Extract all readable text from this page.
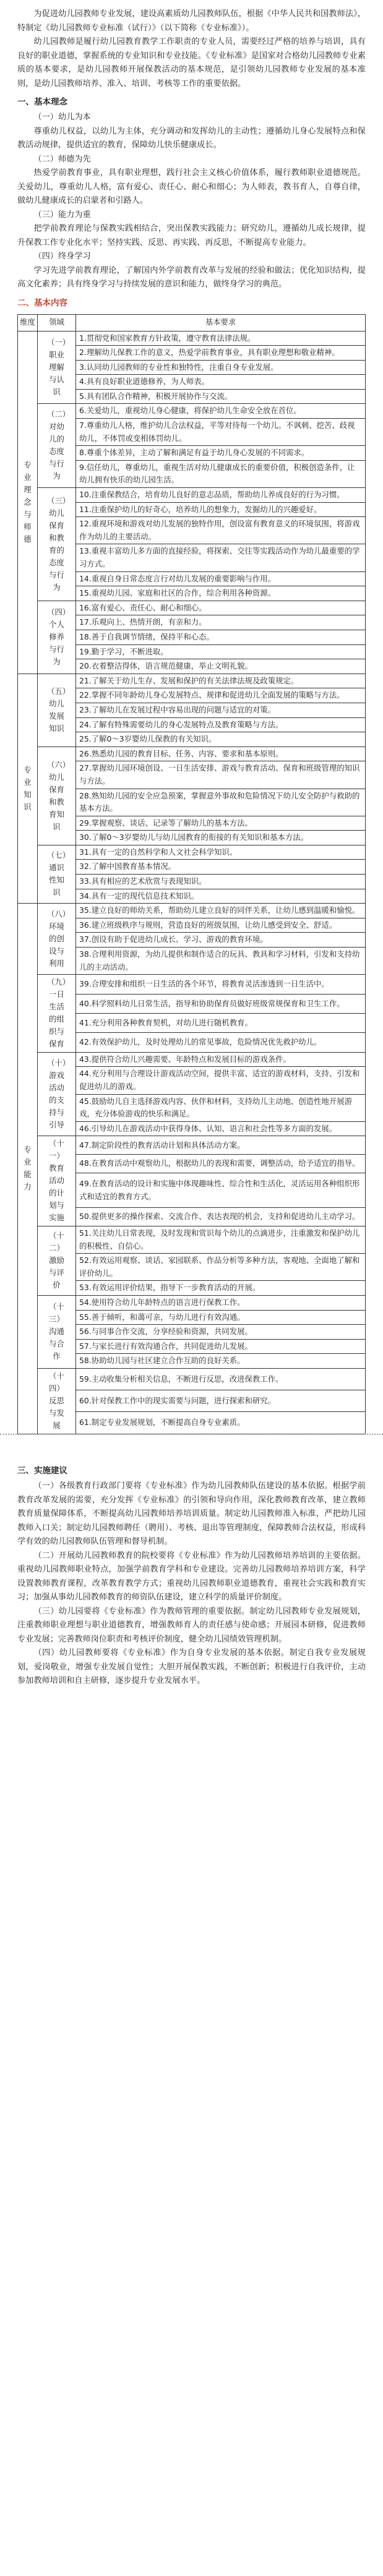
为促进幼儿园教师专业发展，建设高素质幼儿园教师队伍，根据《中华人民共和国教师法》，特制定《幼儿园教师专业标准（试行）》（以下简称《专业标准》）。

幼儿园教师是履行幼儿园教育教学工作职责的专业人员，需要经过严格的培养与培训，具有良好的职业道德，掌握系统的专业知识和专业技能。《专业标准》是国家对合格幼儿园教师专业素质的基本要求，是幼儿园教师开展保教活动的基本规范，是引领幼儿园教师专业发展的基本准则，是幼儿园教师培养、准入、培训、考核等工作的重要依据。

一、基本理念
（一）幼儿为本

尊重幼儿权益，以幼儿为主体，充分调动和发挥幼儿的主动性；遵循幼儿身心发展特点和保教活动规律，提供适宜的教育，保障幼儿快乐健康成长。

（二）师德为先

热爱学前教育事业，具有职业理想，践行社会主义核心价值体系，履行教师职业道德规范。关爱幼儿，尊重幼儿人格，富有爱心、责任心、耐心和细心；为人师表，教书育人，自尊自律，做幼儿健康成长的启蒙者和引路人。

（三）能力为重

把学前教育理论与保教实践相结合，突出保教实践能力；研究幼儿，遵循幼儿成长规律，提升保教工作专业化水平；坚持实践、反思、再实践、再反思，不断提高专业能力。

（四）终身学习

学习先进学前教育理论，了解国内外学前教育改革与发展的经验和做法；优化知识结构，提高文化素养；具有终身学习与持续发展的意识和能力，做终身学习的典范。

二、基本内容
维度	领域	基本要求
专业理念与师德	（一）职业理解与认识	1.贯彻党和国家教育方针政策，遵守教育法律法规。
		2.理解幼儿保教工作的意义，热爱学前教育事业，具有职业理想和敬业精神。
		3.认同幼儿园教师的专业性和独特性，注重自身专业发展。
		4.具有良好职业道德修养，为人师表。
		5.具有团队合作精神，积极开展协作与交流。
	（二）对幼儿的态度与行为	6.关爱幼儿，重视幼儿身心健康，将保护幼儿生命安全放在首位。
		7.尊重幼儿人格，维护幼儿合法权益，平等对待每一个幼儿。不讽刺、挖苦、歧视幼儿，不体罚或变相体罚幼儿。
		8.尊重个体差异，主动了解和满足有益于幼儿身心发展的不同需求。
		9.信任幼儿，尊重幼儿，重视生活对幼儿健康成长的重要价值，积极创造条件，让幼儿拥有快乐的幼儿园生活。
	（三）幼儿保育和教育的态度与行为	10.注重保教结合，培育幼儿良好的意志品质，帮助幼儿养成良好的行为习惯。
		11.注重保护幼儿的好奇心，培养幼儿的想象力，发掘幼儿的兴趣爱好。
		12.重视环境和游戏对幼儿发展的独特作用，创设富有教育意义的环境氛围，将游戏作为幼儿的主要活动。
		13.重视丰富幼儿多方面的直接经验，将探索、交往等实践活动作为幼儿最重要的学习方式。
		14.重视自身日常态度言行对幼儿发展的重要影响与作用。
		15.重视幼儿园、家庭和社区的合作，综合利用各种资源。
	（四）个人修养与行为	16.富有爱心、责任心、耐心和细心。
		17.乐观向上、热情开朗，有亲和力。
		18.善于自我调节情绪，保持平和心态。
		19.勤于学习，不断进取。
		20.衣着整洁得体，语言规范健康，举止文明礼貌。
专业知识	（五）幼儿发展知识	21.了解关于幼儿生存、发展和保护的有关法律法规及政策规定。
		22.掌握不同年龄幼儿身心发展特点、规律和促进幼儿全面发展的策略与方法。
		23.了解幼儿在发展过程中容易出现的问题与适宜的对策。
		24.了解有特殊需要幼儿的身心发展特点及教育策略与方法。
		25.了解0～3岁婴幼儿保教的有关知识。
	（六）幼儿保育和教育知识	26.熟悉幼儿园的教育目标、任务、内容、要求和基本原则。
		27.掌握幼儿园环境创设、一日生活安排、游戏与教育活动、保育和班级管理的知识与方法。
		28.熟知幼儿园的安全应急预案，掌握意外事故和危险情况下幼儿安全防护与救助的基本方法。
		29.掌握观察、谈话、记录等了解幼儿的基本方法。
		30.了解0～3岁婴幼儿与幼儿园教育的衔接的有关知识和基本方法。
	（七）通识性知识	31.具有一定的自然科学和人文社会科学知识。
		32.了解中国教育基本情况。
		33.具有相应的艺术欣赏与表现知识。
		34.具有一定的现代信息技术知识。
专业能力	（八）环境的创设与利用	35.建立良好的师幼关系，帮助幼儿建立良好的同伴关系，让幼儿感到温暖和愉悦。
		36.建立班级秩序与规则，营造良好的班级氛围，让幼儿感受到安全、舒适。
		37.创设有助于促进幼儿成长、学习、游戏的教育环境。
		38.合理利用资源，为幼儿提供和制作适合的玩具、教具和学习材料，引发和支持幼儿的主动活动。
	（九）一日生活的组织与保育	39.合理安排和组织一日生活的各个环节，将教育灵活渗透到一日生活中。
		40.科学照料幼儿日常生活，指导和协助保育员做好班级常规保育和卫生工作。
		41.充分利用各种教育契机，对幼儿进行随机教育。
		42.有效保护幼儿，及时处理幼儿的常见事故，危险情况优先救护幼儿。
	（十）游戏活动的支持与引导	43.提供符合幼儿兴趣需要、年龄特点和发展目标的游戏条件。
		44.充分利用与合理设计游戏活动空间，提供丰富、适宜的游戏材料，支持、引发和促进幼儿的游戏。
		45.鼓励幼儿自主选择游戏内容、伙伴和材料，支持幼儿主动地、创造性地开展游戏，充分体验游戏的快乐和满足。
		46.引导幼儿在游戏活动中获得身体、认知、语言和社会性等多方面的发展。
	（十一）教育活动的计划与实施	47.制定阶段性的教育活动计划和具体活动方案。
		48.在教育活动中观察幼儿，根据幼儿的表现和需要，调整活动，给予适宜的指导。
		49.在教育活动的设计和实施中体现趣味性、综合性和生活化，灵活运用各种组织形式和适宜的教育方式。
		50.提供更多的操作探索、交流合作、表达表现的机会，支持和促进幼儿主动学习。
	（十二）激励与评价	51.关注幼儿日常表现，及时发现和赏识每个幼儿的点滴进步，注重激发和保护幼儿的积极性、自信心。
		52.有效运用观察、谈话、家园联系、作品分析等多种方法，客观地、全面地了解和评价幼儿。
		53.有效运用评价结果，指导下一步教育活动的开展。
	（十三）沟通与合作	54.使用符合幼儿年龄特点的语言进行保教工作。
		55.善于倾听，和蔼可亲，与幼儿进行有效沟通。
		56.与同事合作交流，分享经验和资源，共同发展。
		57.与家长进行有效沟通合作，共同促进幼儿发展。
		58.协助幼儿园与社区建立合作互助的良好关系。
	（十四）反思与发展	59.主动收集分析相关信息，不断进行反思，改进保教工作。
		60.针对保教工作中的现实需要与问题，进行探索和研究。
		61.制定专业发展规划，不断提高自身专业素质。
三、实施建议

（一）各级教育行政部门要将《专业标准》作为幼儿园教师队伍建设的基本依据。根据学前教育改革发展的需要，充分发挥《专业标准》的引领和导向作用，深化教师教育改革，建立教师教育质量保障体系，不断提高幼儿园教师培养培训质量。制定幼儿园教师准入标准，严把幼儿园教师入口关；制定幼儿园教师聘任（聘用）、考核、退出等管理制度，保障教师合法权益，形成科学有效的幼儿园教师队伍管理和督导机制。

（二）开展幼儿园教师教育的院校要将《专业标准》作为幼儿园教师培养培训的主要依据。重视幼儿园教师职业特点，加强学前教育学科和专业建设。完善幼儿园教师培养培训方案，科学设置教师教育课程，改革教育教学方式；重视幼儿园教师职业道德教育，重视社会实践和教育实习；加强从事幼儿园教师教育的师资队伍建设，建立科学的质量评价制度。

（三）幼儿园要将《专业标准》作为教师管理的重要依据。制定幼儿园教师专业发展规划，注重教师职业理想与职业道德教育，增强教师育人的责任感与使命感；开展园本研修，促进教师专业发展；完善教师岗位职责和考核评价制度，健全幼儿园绩效管理机制。

（四）幼儿园教师要将《专业标准》作为自身专业发展的基本依据。制定自我专业发展规划，爱岗敬业，增强专业发展自觉性；大胆开展保教实践，不断创新；积极进行自我评价，主动参加教师培训和自主研修，逐步提升专业发展水平。
